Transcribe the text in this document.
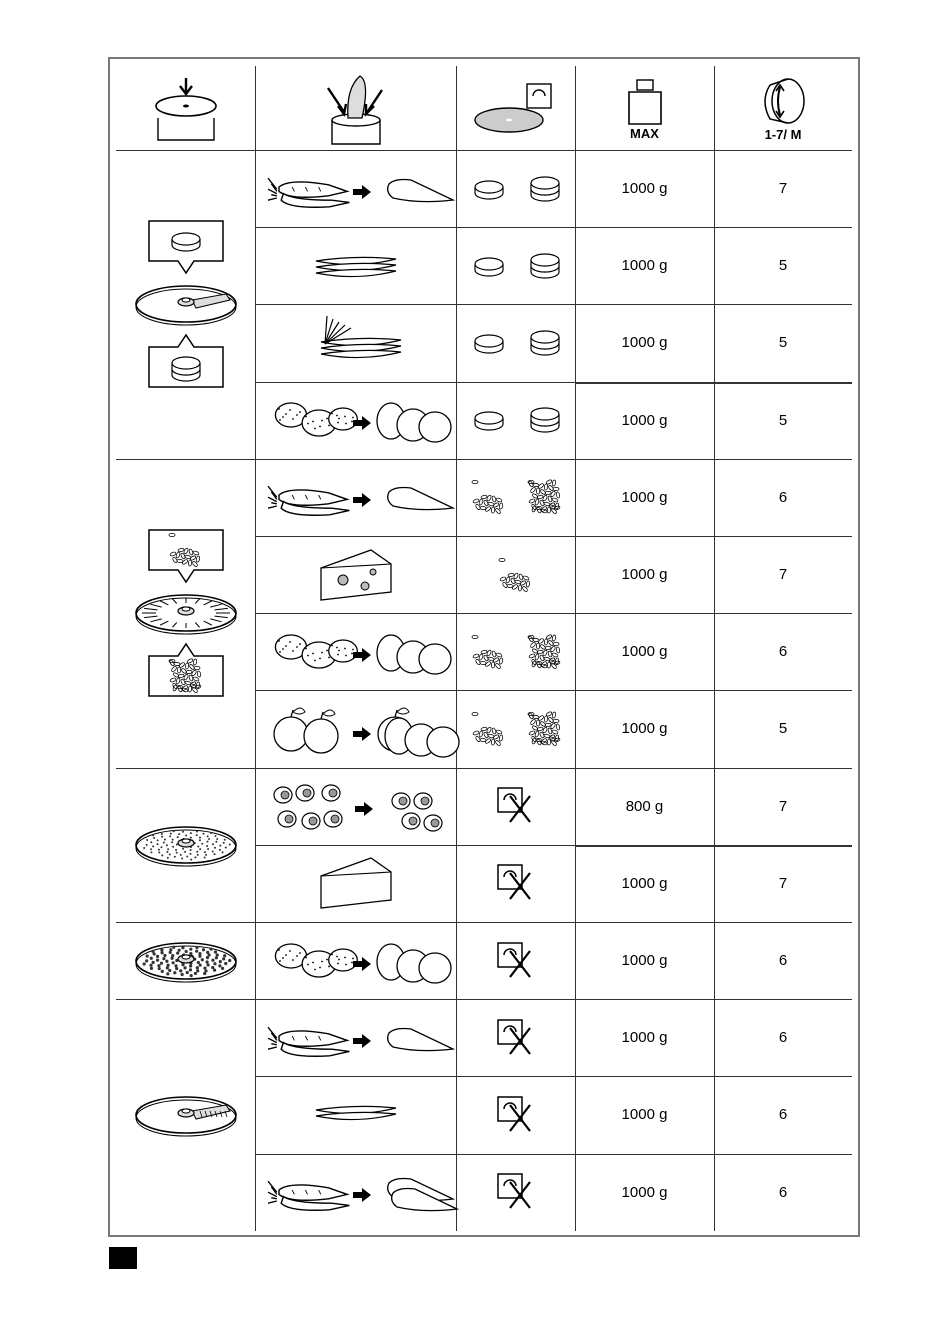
MAX	1-7/ M
1000 g	7
1000 g	5
1000 g	5
1000 g	5
1000 g	6
1000 g	7
1000 g	6
1000 g	5
800 g	7
1000 g	7
1000 g	6
1000 g	6
1000 g	6
1000 g	6
